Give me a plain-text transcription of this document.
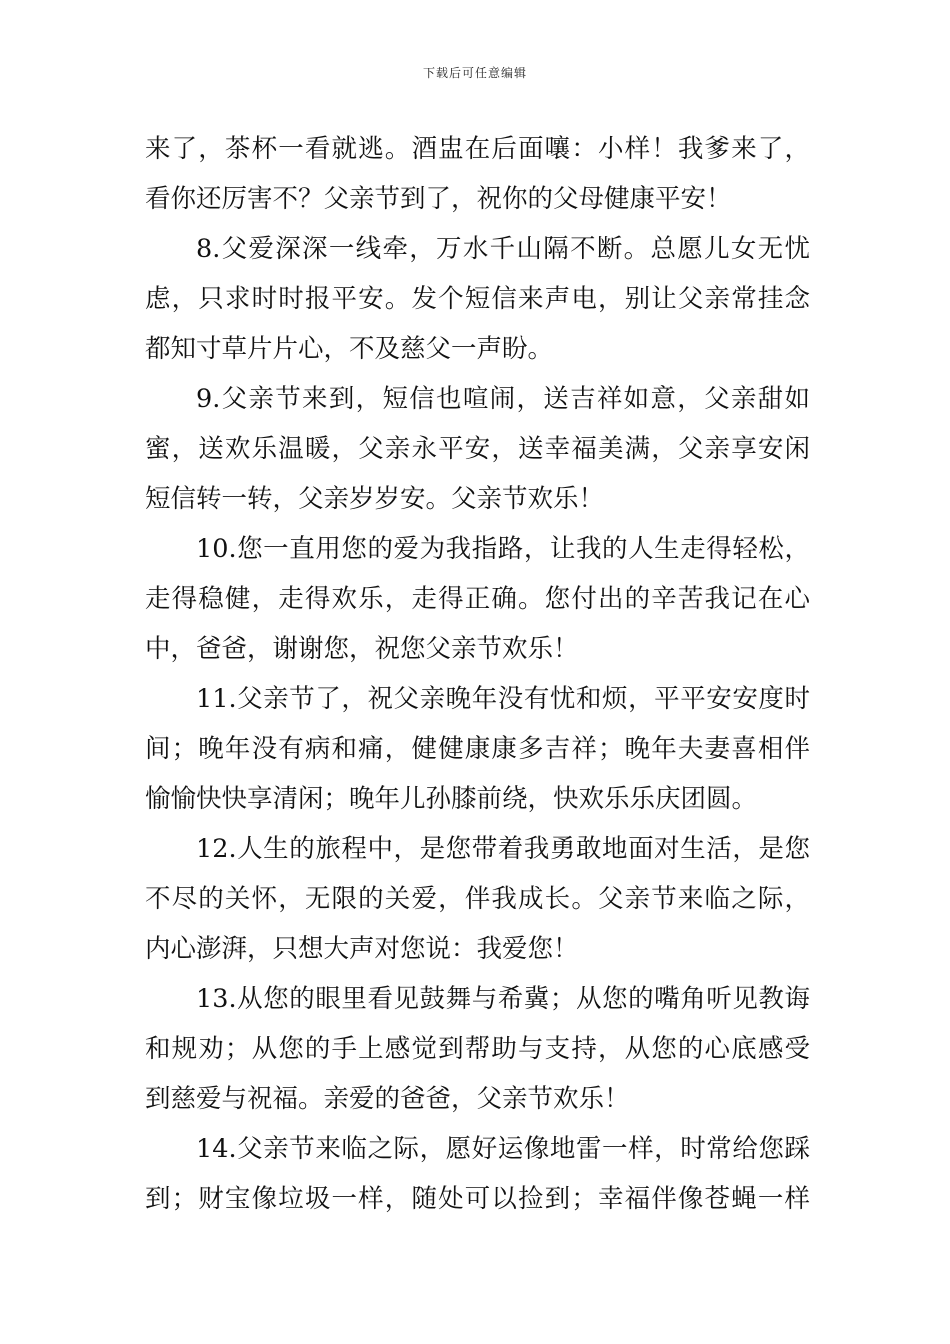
下载后可任意编辑
来了，茶杯一看就逃。酒盅在后面嚷：小样！我爹来了，
看你还厉害不？父亲节到了，祝你的父母健康平安！
8.父爱深深一线牵，万水千山隔不断。总愿儿女无忧
虑，只求时时报平安。发个短信来声电，别让父亲常挂念
都知寸草片片心，不及慈父一声盼。
9.父亲节来到，短信也喧闹，送吉祥如意，父亲甜如
蜜，送欢乐温暖，父亲永平安，送幸福美满，父亲享安闲
短信转一转，父亲岁岁安。父亲节欢乐！
10.您一直用您的爱为我指路，让我的人生走得轻松，
走得稳健，走得欢乐，走得正确。您付出的辛苦我记在心
中，爸爸，谢谢您，祝您父亲节欢乐！
11.父亲节了，祝父亲晚年没有忧和烦，平平安安度时
间；晚年没有病和痛，健健康康多吉祥；晚年夫妻喜相伴
愉愉快快享清闲；晚年儿孙膝前绕，快欢乐乐庆团圆。
12.人生的旅程中，是您带着我勇敢地面对生活，是您
不尽的关怀，无限的关爱，伴我成长。父亲节来临之际，
内心澎湃，只想大声对您说：我爱您！
13.从您的眼里看见鼓舞与希冀；从您的嘴角听见教诲
和规劝；从您的手上感觉到帮助与支持，从您的心底感受
到慈爱与祝福。亲爱的爸爸，父亲节欢乐！
14.父亲节来临之际，愿好运像地雷一样，时常给您踩
到；财宝像垃圾一样，随处可以捡到；幸福伴像苍蝇一样
